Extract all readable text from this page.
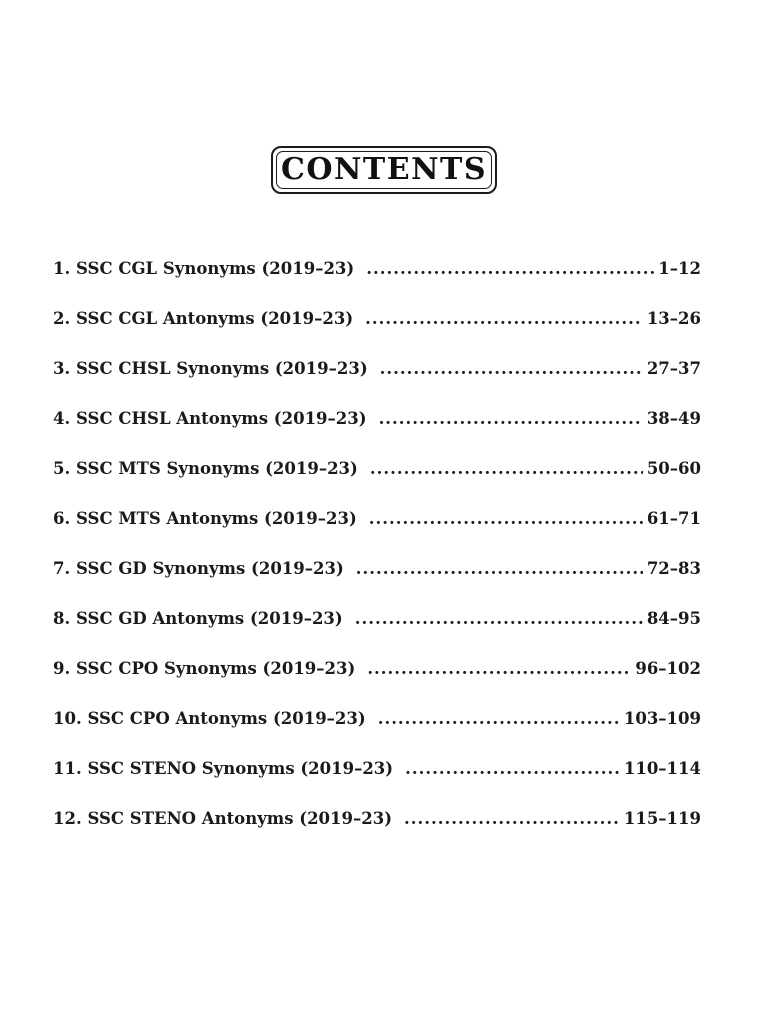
CONTENTS
1. SSC CGL Synonyms (2019–23) .....	1–12
2. SSC CGL Antonyms (2019–23) .....	13–26
3. SSC CHSL Synonyms (2019–23) .....	27–37
4. SSC CHSL Antonyms (2019–23) .....	38–49
5. SSC MTS Synonyms (2019–23) .....	50–60
6. SSC MTS Antonyms (2019–23) .....	61–71
7. SSC GD Synonyms (2019–23) .....	72–83
8. SSC GD Antonyms (2019–23) .....	84–95
9. SSC CPO Synonyms (2019–23) .....	96–102
10. SSC CPO Antonyms (2019–23) .....	103–109
11. SSC STENO Synonyms (2019–23) .....	110–114
12. SSC STENO Antonyms (2019–23) .....	115–119
